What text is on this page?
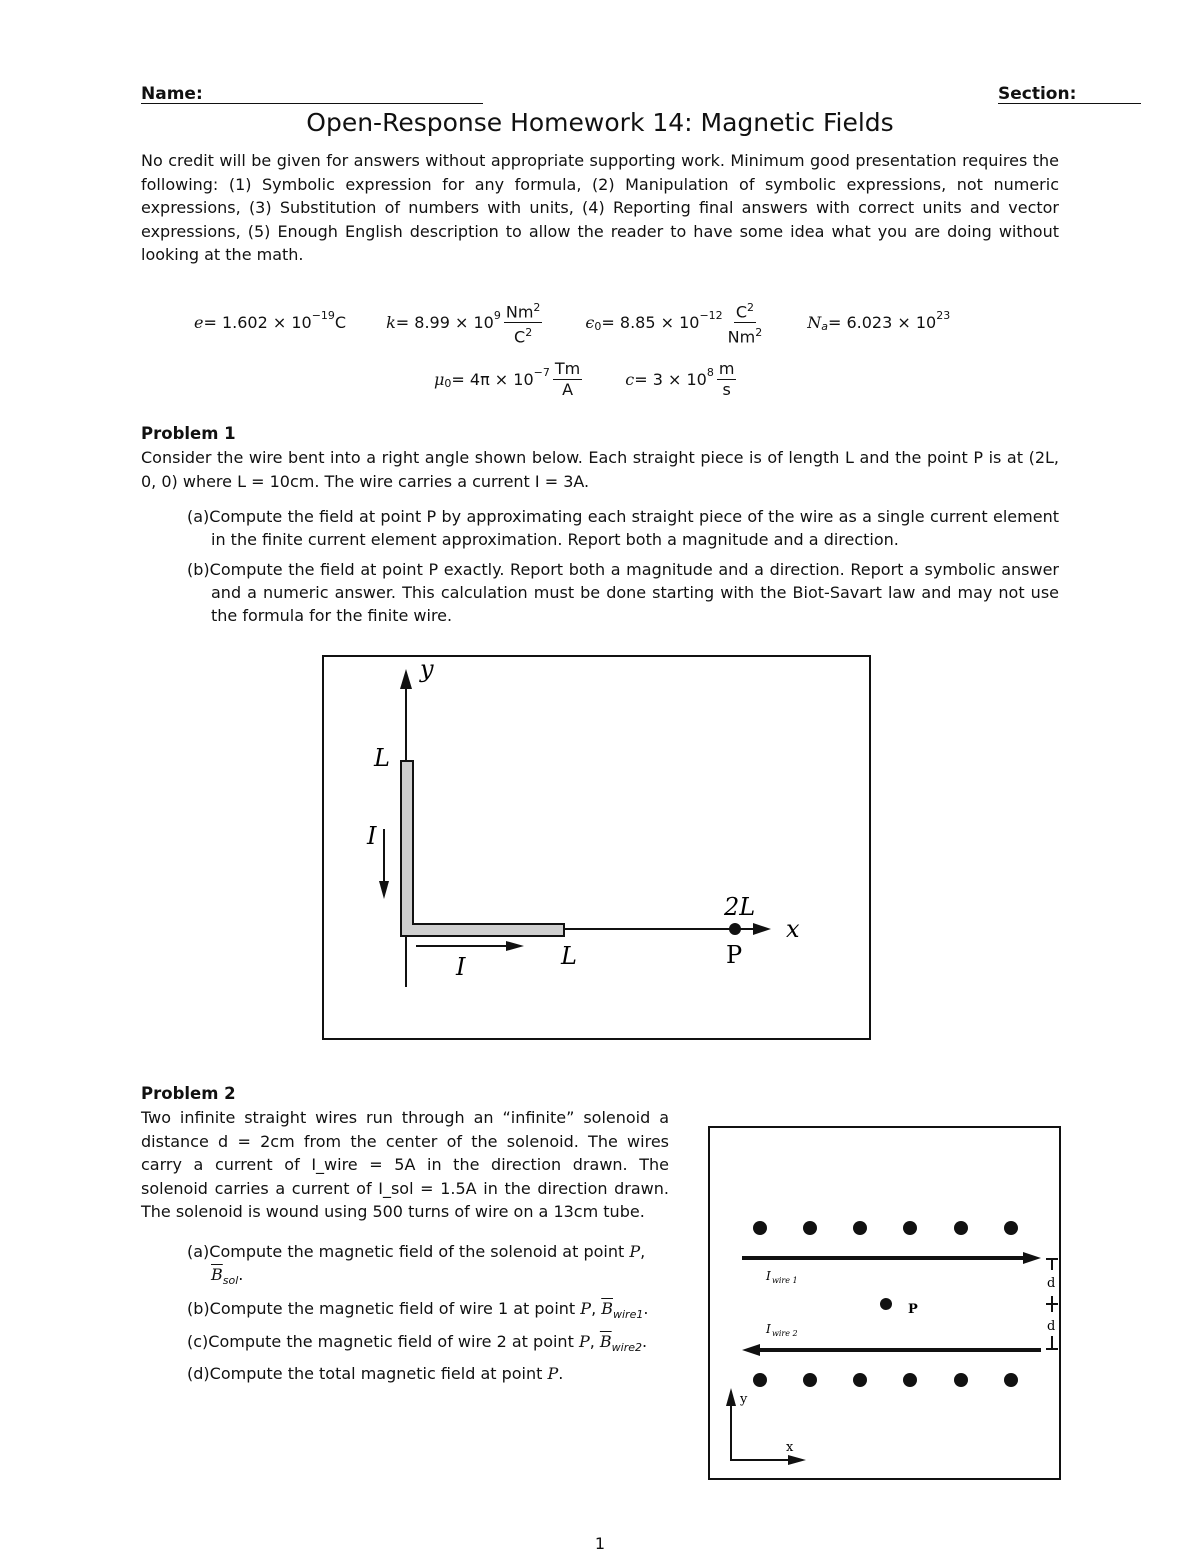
Name:	Section:
Open-Response Homework 14: Magnetic Fields
No credit will be given for answers without appropriate supporting work. Minimum good presentation requires the following: (1) Symbolic expression for any formula, (2) Manipulation of symbolic expressions, not numeric expressions, (3) Substitution of numbers with units, (4) Reporting final answers with correct units and vector expressions, (5) Enough English description to allow the reader to have some idea what you are doing without looking at the math.
$e = 1.602 \times 10^{-19}$ C	$k = 8.99 \times 10^9 \frac{Nm^2}{C^2}$	$\epsilon_0 = 8.85 \times 10^{-12} \frac{C^2}{Nm^2}$	$N_a = 6.023 \times 10^{23}$
$\mu_0 = 4\pi \times 10^{-7} \frac{Tm}{A}$	$c = 3 \times 10^8 \frac{m}{s}$
Problem 1
Consider the wire bent into a right angle shown below. Each straight piece is of length L and the point P is at (2L, 0, 0) where L = 10cm. The wire carries a current I = 3A.
(a)Compute the field at point P by approximating each straight piece of the wire as a single current element in the finite current element approximation. Report both a magnitude and a direction.
(b)Compute the field at point P exactly. Report both a magnitude and a direction. Report a symbolic answer and a numeric answer. This calculation must be done starting with the Biot-Savart law and may not use the formula for the finite wire.
y
x
L
I
I	L
2L
P
Problem 2
Two infinite straight wires run through an “infinite” solenoid a distance d = 2cm from the center of the solenoid. The wires carry a current of I_wire = 5A in the direction drawn. The solenoid carries a current of I_sol = 1.5A in the direction drawn. The solenoid is wound using 500 turns of wire on a 13cm tube.
(a)Compute the magnetic field of the solenoid at point P,
$\overline{B}_{sol}$.
(b)Compute the magnetic field of wire 1 at point P, $\overline{B}_{wire1}$.
(c)Compute the magnetic field of wire 2 at point P, $\overline{B}_{wire2}$.
(d)Compute the total magnetic field at point P.
P
I wire 1
I wire 2
d
d
y
x
1
